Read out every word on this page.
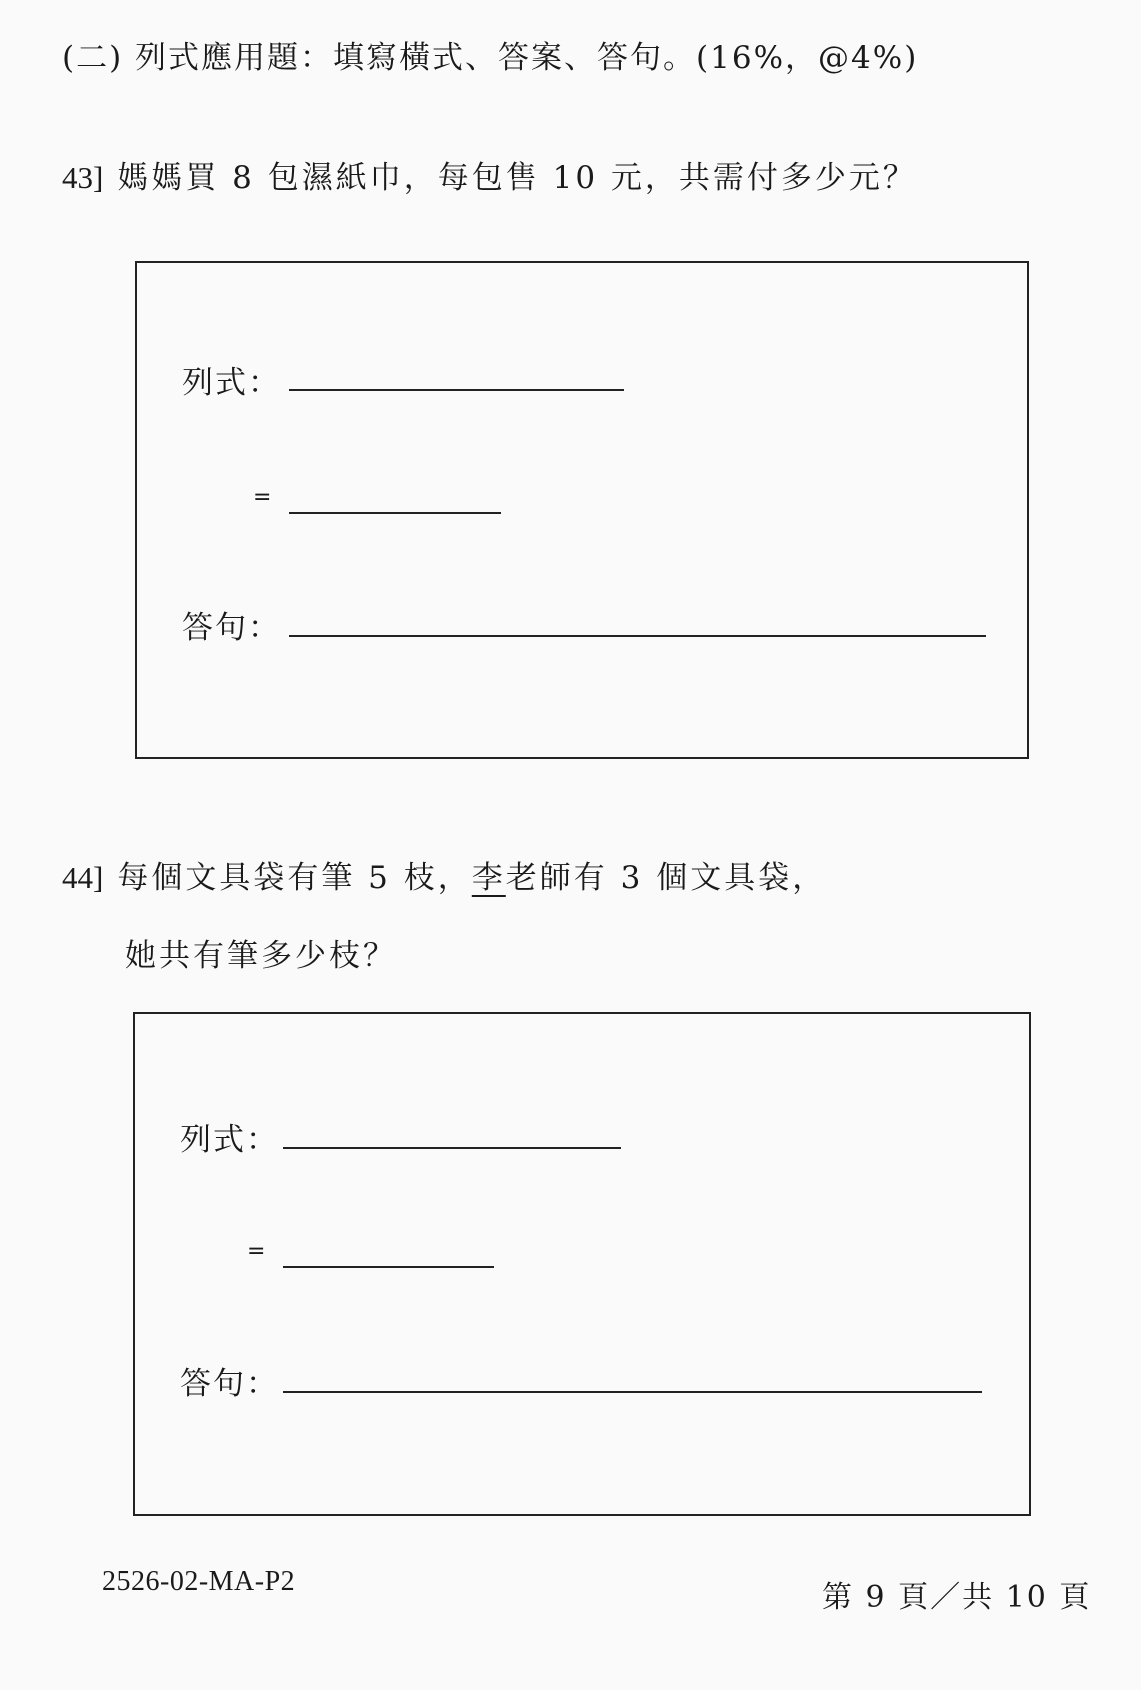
(二) 列式應用題：填寫橫式、答案、答句。(16%，@4%)
43] 媽媽買 8 包濕紙巾，每包售 10 元，共需付多少元？
列式：
=
答句：
44] 每個文具袋有筆 5 枝，李老師有 3 個文具袋，
她共有筆多少枝？
列式：
=
答句：
2526-02-MA-P2	第 9 頁／共 10 頁
